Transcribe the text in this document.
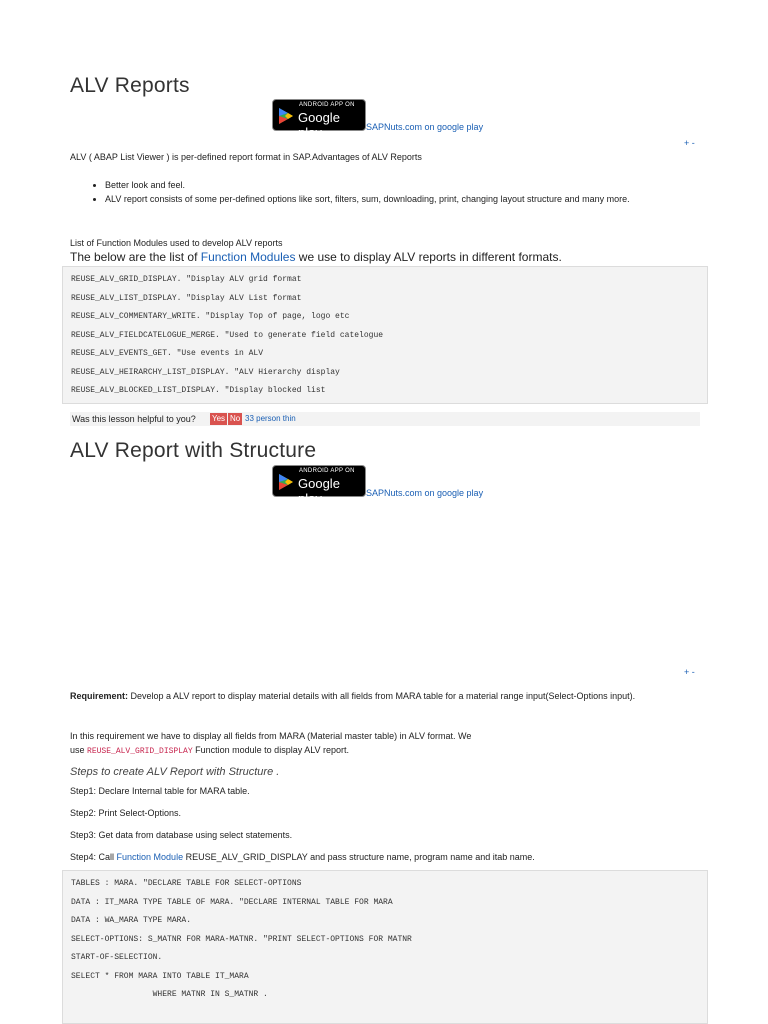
ALV Reports
ANDROID APP ON
Google play	SAPNuts.com on google play
+ -
ALV ( ABAP List Viewer ) is per-defined report format in SAP.Advantages of ALV Reports
• Better look and feel.
• ALV report consists of some per-defined options like sort, filters, sum, downloading, print, changing layout structure and many more.
List of Function Modules used to develop ALV reports
The below are the list of Function Modules we use to display ALV reports in different formats.
REUSE_ALV_GRID_DISPLAY. "Display ALV grid format
REUSE_ALV_LIST_DISPLAY. "Display ALV List format
REUSE_ALV_COMMENTARY_WRITE. "Display Top of page, logo etc
REUSE_ALV_FIELDCATELOGUE_MERGE. "Used to generate field catelogue
REUSE_ALV_EVENTS_GET. "Use events in ALV
REUSE_ALV_HEIRARCHY_LIST_DISPLAY. "ALV Hierarchy display
REUSE_ALV_BLOCKED_LIST_DISPLAY. "Display blocked list
Was this lesson helpful to you? Yes No 33 person thin
ALV Report with Structure
ANDROID APP ON
Google play	SAPNuts.com on google play
+ -
Requirement: Develop a ALV report to display material details with all fields from MARA table for a material range input(Select-Options input).
In this requirement we have to display all fields from MARA (Material master table) in ALV format. We
use REUSE_ALV_GRID_DISPLAY Function module to display ALV report.
Steps to create ALV Report with Structure .
Step1: Declare Internal table for MARA table.
Step2: Print Select-Options.
Step3: Get data from database using select statements.
Step4: Call Function Module REUSE_ALV_GRID_DISPLAY and pass structure name, program name and itab name.
TABLES : MARA. "DECLARE TABLE FOR SELECT-OPTIONS
DATA : IT_MARA TYPE TABLE OF MARA. "DECLARE INTERNAL TABLE FOR MARA
DATA : WA_MARA TYPE MARA.
SELECT-OPTIONS: S_MATNR FOR MARA-MATNR. "PRINT SELECT-OPTIONS FOR MATNR
START-OF-SELECTION.
SELECT * FROM MARA INTO TABLE IT_MARA
WHERE MATNR IN S_MATNR .
